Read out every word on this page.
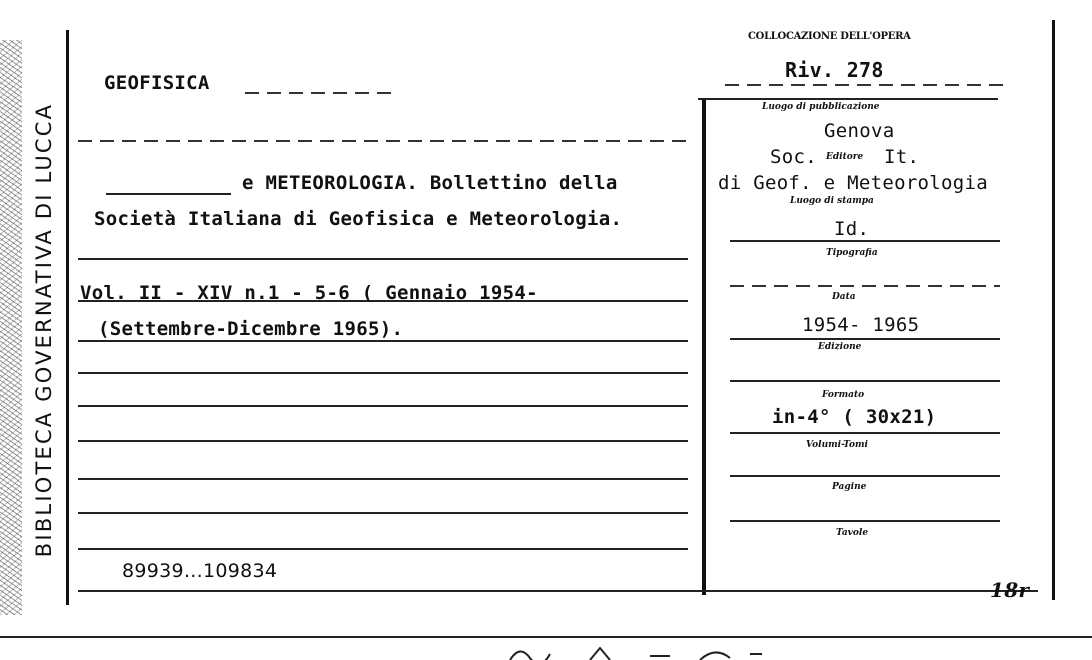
BIBLIOTECA GOVERNATIVA DI LUCCA
GEOFISICA
COLLOCAZIONE DELL'OPERA
Riv. 278
e METEOROLOGIA. Bollettino della
Società Italiana di Geofisica e Meteorologia.
Vol. II - XIV n.1 - 5-6 ( Gennaio 1954-
(Settembre-Dicembre 1965).
89939...109834
Luogo di pubblicazione
Genova
Soc. Editore It.
di Geof. e Meteorologia
Luogo di stampa
Id.
Tipografia
Data
1954- 1965
Edizione
Formato
in-4° ( 30x21)
Volumi-Tomi
Pagine
Tavole
18r
